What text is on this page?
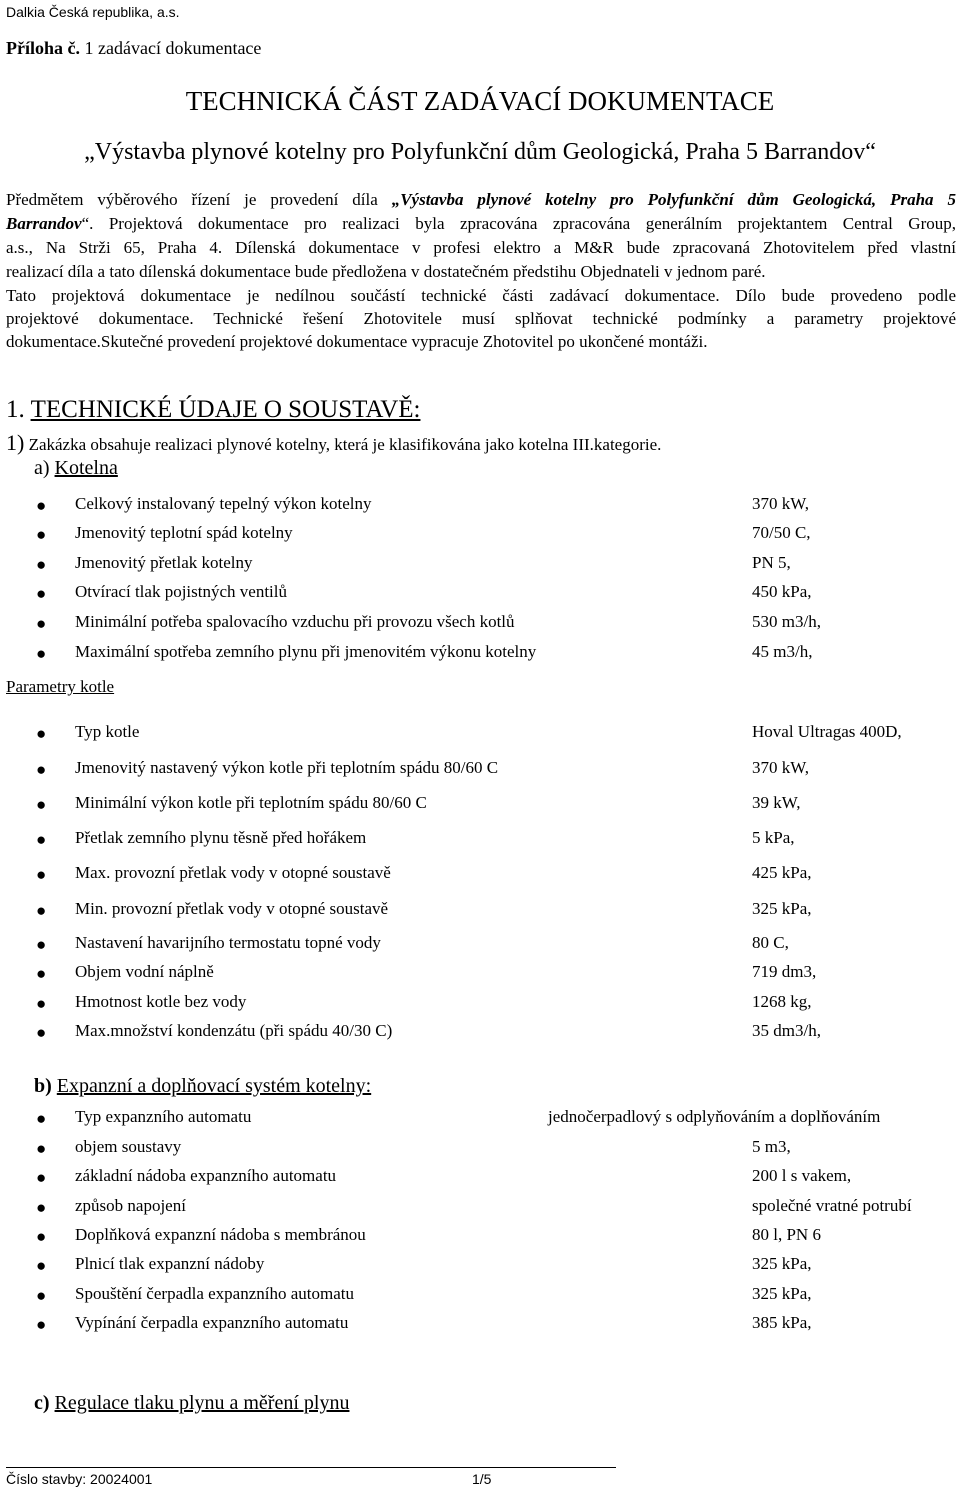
Dalkia Česká republika, a.s.
Příloha č. 1 zadávací dokumentace
TECHNICKÁ ČÁST ZADÁVACÍ DOKUMENTACE
„Výstavba plynové kotelny pro Polyfunkční dům Geologická, Praha 5 Barrandov“
Předmětem výběrového řízení je provedení díla „Výstavba plynové kotelny pro Polyfunkční dům Geologická, Praha 5
Barrandov“. Projektová dokumentace pro realizaci byla zpracována zpracována generálním projektantem Central Group,
a.s., Na Strži 65, Praha 4. Dílenská dokumentace v profesi elektro a M&R bude zpracovaná Zhotovitelem před vlastní
realizací díla a tato dílenská dokumentace bude předložena v dostatečném předstihu Objednateli v jednom paré.
Tato projektová dokumentace je nedílnou součástí technické části zadávací dokumentace. Dílo bude provedeno podle
projektové dokumentace. Technické řešení Zhotovitele musí splňovat technické podmínky a parametry projektové
dokumentace.Skutečné provedení projektové dokumentace vypracuje Zhotovitel po ukončené montáži.
1. TECHNICKÉ ÚDAJE O SOUSTAVĚ:
1) Zakázka obsahuje realizaci plynové kotelny, která je klasifikována jako kotelna III.kategorie.
a) Kotelna
● Celkový instalovaný tepelný výkon kotelny	370 kW,
● Jmenovitý teplotní spád kotelny	70/50 C,
● Jmenovitý přetlak kotelny	PN 5,
● Otvírací tlak pojistných ventilů	450 kPa,
● Minimální potřeba spalovacího vzduchu při provozu všech kotlů	530 m3/h,
● Maximální spotřeba zemního plynu při jmenovitém výkonu kotelny	45 m3/h,
Parametry kotle
● Typ kotle	Hoval Ultragas 400D,
● Jmenovitý nastavený výkon kotle při teplotním spádu 80/60 C	370 kW,
● Minimální výkon kotle při teplotním spádu 80/60 C	39 kW,
● Přetlak zemního plynu těsně před hořákem	5 kPa,
● Max. provozní přetlak vody v otopné soustavě	425 kPa,
● Min. provozní přetlak vody v otopné soustavě	325 kPa,
● Nastavení havarijního termostatu topné vody	80 C,
● Objem vodní náplně	719 dm3,
● Hmotnost kotle bez vody	1268 kg,
● Max.množství kondenzátu (při spádu 40/30 C)	35 dm3/h,
b) Expanzní a doplňovací systém kotelny:
● Typ expanzního automatu	jednočerpadlový s odplyňováním a doplňováním
● objem soustavy	5 m3,
● základní nádoba expanzního automatu	200 l s vakem,
● způsob napojení	společné vratné potrubí
● Doplňková expanzní nádoba s membránou	80 l, PN 6
● Plnicí tlak expanzní nádoby	325 kPa,
● Spouštění čerpadla expanzního automatu	325 kPa,
● Vypínání čerpadla expanzního automatu	385 kPa,
c) Regulace tlaku plynu a měření plynu
Číslo stavby: 20024001	1/5
